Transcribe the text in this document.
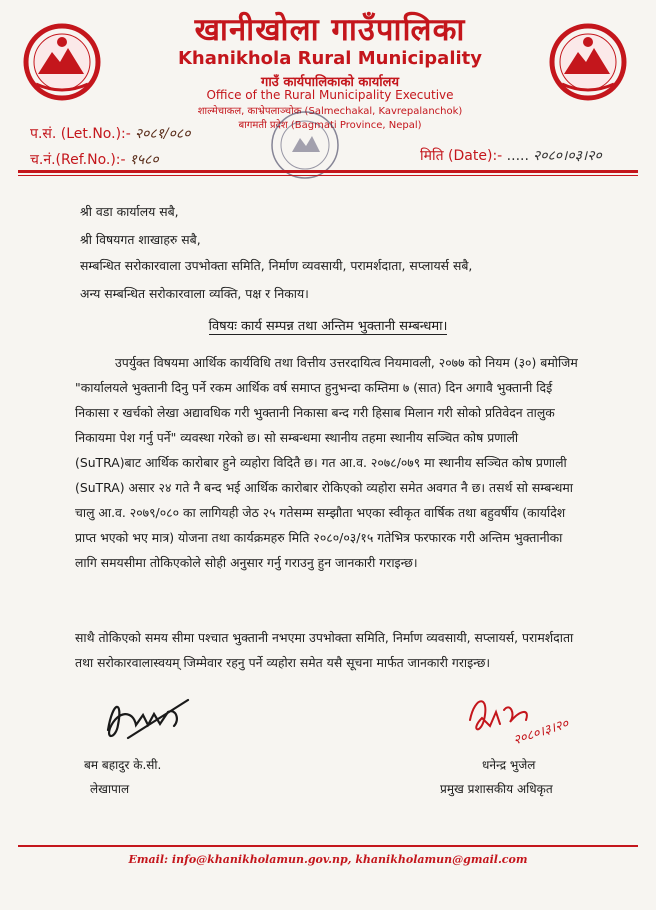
खानीखोला गाउँपालिका
Khanikhola Rural Municipality
गाउँ कार्यपालिकाको कार्यालय
Office of the Rural Municipality Executive
शाल्मेचाकल, काभ्रेपलाञ्चोक (Salmechakal, Kavrepalanchok)
बागमती प्रदेश (Bagmati Province, Nepal)
प.सं. (Let.No.):- २०८१/०८०
च.नं.(Ref.No.):- १५८०	मिति (Date):- ..... २०८०।०३।२०
श्री वडा कार्यालय सबै,
श्री विषयगत शाखाहरु सबै,
सम्बन्धित सरोकारवाला उपभोक्ता समिति, निर्माण व्यवसायी, परामर्शदाता, सप्लायर्स सबै,
अन्य सम्बन्धित सरोकारवाला व्यक्ति, पक्ष र निकाय।
विषयः कार्य सम्पन्न तथा अन्तिम भुक्तानी सम्बन्धमा।
उपर्युक्त विषयमा आर्थिक कार्यविधि तथा वित्तीय उत्तरदायित्व नियमावली, २०७७ को नियम (३०) बमोजिम "कार्यालयले भुक्तानी दिनु पर्ने रकम आर्थिक वर्ष समाप्त हुनुभन्दा कम्तिमा ७ (सात) दिन अगावै भुक्तानी दिई निकासा र खर्चको लेखा अद्यावधिक गरी भुक्तानी निकासा बन्द गरी हिसाब मिलान गरी सोको प्रतिवेदन तालुक निकायमा पेश गर्नु पर्ने" व्यवस्था गरेको छ। सो सम्बन्धमा स्थानीय तहमा स्थानीय सञ्चित कोष प्रणाली (SuTRA)बाट आर्थिक कारोबार हुने व्यहोरा विदितै छ। गत आ.व. २०७८/०७९ मा स्थानीय सञ्चित कोष प्रणाली (SuTRA) असार २४ गते नै बन्द भई आर्थिक कारोबार रोकिएको व्यहोरा समेत अवगत नै छ। तसर्थ सो सम्बन्धमा चालु आ.व. २०७९/०८० का लागियही जेठ २५ गतेसम्म सम्झौता भएका स्वीकृत वार्षिक तथा बहुवर्षीय (कार्यादेश प्राप्त भएको भए मात्र) योजना तथा कार्यक्रमहरु मिति २०८०/०३/१५ गतेभित्र फरफारक गरी अन्तिम भुक्तानीका लागि समयसीमा तोकिएकोले सोही अनुसार गर्नु गराउनु हुन जानकारी गराइन्छ।
साथै तोकिएको समय सीमा पश्चात भुक्तानी नभएमा उपभोक्ता समिति, निर्माण व्यवसायी, सप्लायर्स, परामर्शदाता तथा सरोकारवालास्वयम् जिम्मेवार रहनु पर्ने व्यहोरा समेत यसै सूचना मार्फत जानकारी गराइन्छ।
बम बहादुर के.सी.
लेखापाल
२०८०।३।२०
धनेन्द्र भुजेल
प्रमुख प्रशासकीय अधिकृत
Email: info@khanikholamun.gov.np, khanikholamun@gmail.com
